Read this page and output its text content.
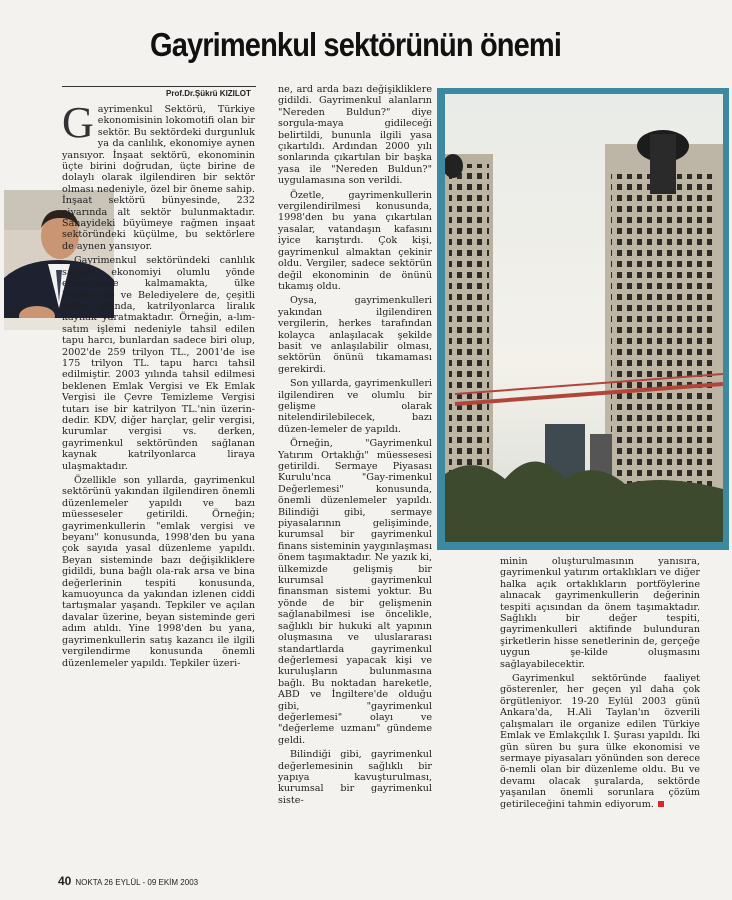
Gayrimenkul sektörünün önemi
Prof.Dr.Şükrü KIZILOT

Gayrimenkul Sektörü, Türkiye ekonomisinin lokomotifi olan bir sektör. Bu sektördeki durgunluk ya da canlılık, ekonomiye aynen yansıyor. İnşaat sektörü, ekonominin üçte birini doğrudan, üçte birine de dolaylı olarak ilgilendiren bir sektör olması nedeniyle, özel bir öneme sahip. İnşaat sektörü bünyesinde, 232 civarında alt sektör bulunmaktadır. Sanayideki büyümeye rağmen inşaat sektöründeki küçülme, bu sektörlere de aynen yansıyor.

Gayrimenkul sektöründeki canlılık sadece ekonomiyi olumlu yönde etkilemekle kalmamakta, ülke Maliyesine ve Belediyelere de, çeşitli adlar altında, katrilyonlarca liralık kaynak yaratmaktadır. Örneğin, a-lım-satım işlemi nedeniyle tahsil edilen tapu harcı, bunlardan sadece biri olup, 2002'de 259 trilyon TL., 2001'de ise 175 trilyon TL. tapu harcı tahsil edilmiştir. 2003 yılında tahsil edilmesi beklenen Emlak Vergisi ve Ek Emlak Vergisi ile Çevre Temizleme Vergisi tutarı ise bir katrilyon TL.'nin üzerin-dedir. KDV, diğer harçlar, gelir vergisi, kurumlar vergisi vs. derken, gayrimenkul sektöründen sağlanan kaynak katrilyonlarca liraya ulaşmaktadır.

Özellikle son yıllarda, gayrimenkul sektörünü yakından ilgilendiren önemli düzenlemeler yapıldı ve bazı müesseseler getirildi. Örneğin; gayrimenkullerin "emlak vergisi ve beyanı" konusunda, 1998'den bu yana çok sayıda yasal düzenleme yapıldı. Beyan sisteminde bazı değişikliklere gidildi, buna bağlı ola-rak arsa ve bina değerlerinin tespiti konusunda, kamuoyunca da yakından izlenen ciddi tartışmalar yaşandı. Tepkiler ve açılan davalar üzerine, beyan sisteminde geri adım atıldı. Yine 1998'den bu yana, gayrimenkullerin satış kazancı ile ilgili vergilendirme konusunda önemli düzenlemeler yapıldı. Tepkiler üzeri-

ne, ard arda bazı değişikliklere gidildi. Gayrimenkul alanların "Nereden Buldun?" diye sorgula-maya gidileceği belirtildi, bununla ilgili yasa çıkartıldı. Ardından 2000 yılı sonlarında çıkartılan bir başka yasa ile "Nereden Buldun?" uygulamasına son verildi.

Özetle, gayrimenkullerin vergilendirilmesi konusunda, 1998'den bu yana çıkartılan yasalar, vatandaşın kafasını iyice karıştırdı. Çok kişi, gayrimenkul almaktan çekinir oldu. Vergiler, sadece sektörün değil ekonominin de önünü tıkamış oldu.

Oysa, gayrimenkulleri yakından ilgilendiren vergilerin, herkes tarafından kolayca anlaşılacak şekilde basit ve anlaşılabilir olması, sektörün önünü tıkamaması gerekirdi.

Son yıllarda, gayrimenkulleri ilgilendiren ve olumlu bir gelişme olarak nitelendirilebilecek, bazı düzen-lemeler de yapıldı.

Örneğin, "Gayrimenkul Yatırım Ortaklığı" müessesesi getirildi. Sermaye Piyasası Kurulu'nca "Gay-rimenkul Değerlemesi" konusunda, önemli düzenlemeler yapıldı. Bilindiği gibi, sermaye piyasalarının gelişiminde, kurumsal bir gayrimenkul finans sisteminin yaygınlaşması önem taşımaktadır. Ne yazık ki, ülkemizde gelişmiş bir kurumsal gayrimenkul finansman sistemi yoktur. Bu yönde de bir gelişmenin sağlanabilmesi ise öncelikle, sağlıklı bir hukuki alt yapının oluşmasına ve uluslararası standartlarda gayrimenkul değerlemesi yapacak kişi ve kuruluşların bulunmasına bağlı. Bu noktadan hareketle, ABD ve İngiltere'de olduğu gibi, "gayrimenkul değerlemesi" olayı ve "değerleme uzmanı" gündeme geldi.

Bilindiği gibi, gayrimenkul değerlemesinin sağlıklı bir yapıya kavuşturulması, kurumsal bir gayrimenkul siste-

minin oluşturulmasının yanısıra, gayrimenkul yatırım ortaklıkları ve diğer halka açık ortaklıkların portföylerine alınacak gayrimenkullerin değerinin tespiti açısından da önem taşımaktadır. Sağlıklı bir değer tespiti, gayrimenkulleri aktifinde bulunduran şirketlerin hisse senetlerinin de, gerçeğe uygun şe-kilde oluşmasını sağlayabilecektir.

Gayrimenkul sektöründe faaliyet gösterenler, her geçen yıl daha çok örgütleniyor. 19-20 Eylül 2003 günü Ankara'da, H.Ali Taylan'ın özverili çalışmaları ile organize edilen Türkiye Emlak ve Emlakçılık I. Şurası yapıldı. İki gün süren bu şura ülke ekonomisi ve sermaye piyasaları yönünden son derece ö-nemli olan bir düzenleme oldu. Bu ve devamı olacak şuralarda, sektörde yaşanılan önemli sorunlara çözüm getirileceğini tahmin ediyorum.

40 NOKTA 26 EYLÜL - 09 EKİM 2003
